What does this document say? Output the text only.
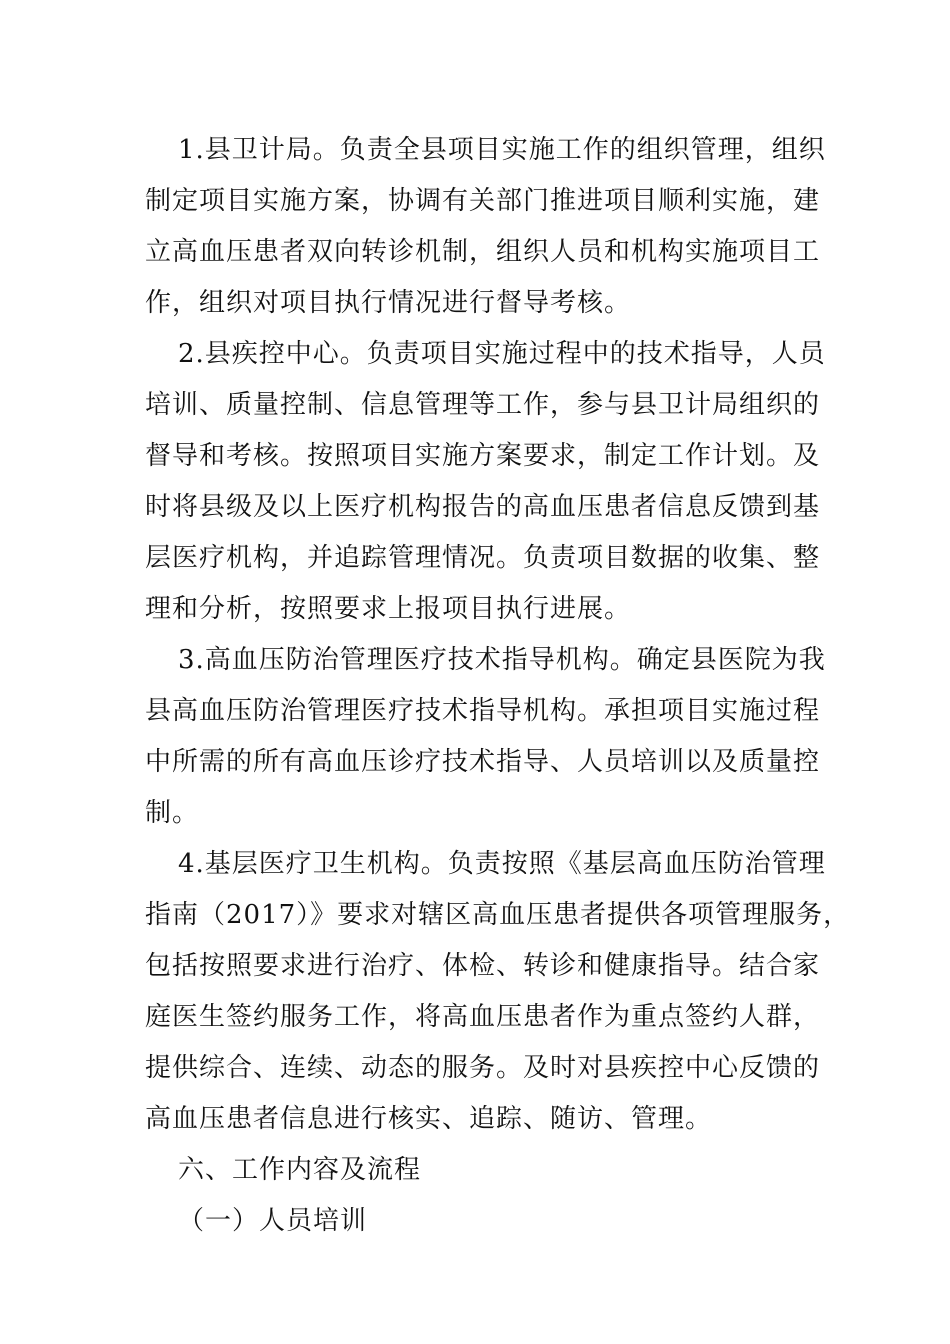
1.县卫计局。负责全县项目实施工作的组织管理，组织
制定项目实施方案，协调有关部门推进项目顺利实施，建
立高血压患者双向转诊机制，组织人员和机构实施项目工
作，组织对项目执行情况进行督导考核。
2.县疾控中心。负责项目实施过程中的技术指导，人员
培训、质量控制、信息管理等工作，参与县卫计局组织的
督导和考核。按照项目实施方案要求，制定工作计划。及
时将县级及以上医疗机构报告的高血压患者信息反馈到基
层医疗机构，并追踪管理情况。负责项目数据的收集、整
理和分析，按照要求上报项目执行进展。
3.高血压防治管理医疗技术指导机构。确定县医院为我
县高血压防治管理医疗技术指导机构。承担项目实施过程
中所需的所有高血压诊疗技术指导、人员培训以及质量控
制。
4.基层医疗卫生机构。负责按照《基层高血压防治管理
指南（2017）》要求对辖区高血压患者提供各项管理服务，
包括按照要求进行治疗、体检、转诊和健康指导。结合家
庭医生签约服务工作，将高血压患者作为重点签约人群，
提供综合、连续、动态的服务。及时对县疾控中心反馈的
高血压患者信息进行核实、追踪、随访、管理。
六、工作内容及流程
（一）人员培训
